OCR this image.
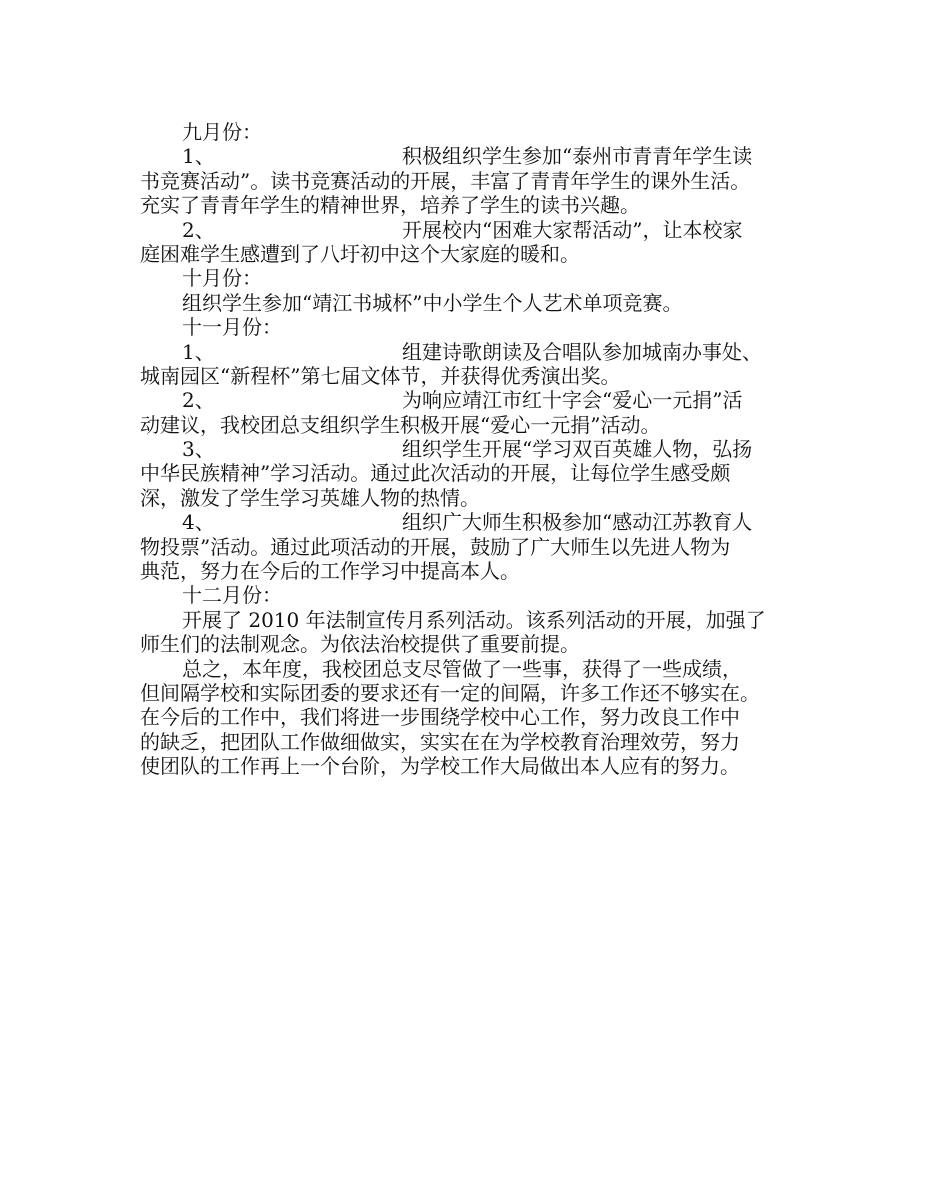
九月份：
1、	积极组织学生参加“泰州市青青年学生读
书竞赛活动”。读书竞赛活动的开展，丰富了青青年学生的课外生活。
充实了青青年学生的精神世界，培养了学生的读书兴趣。
2、	开展校内“困难大家帮活动”，让本校家
庭困难学生感遭到了八圩初中这个大家庭的暖和。
十月份：
组织学生参加“靖江书城杯”中小学生个人艺术单项竞赛。
十一月份：
1、	组建诗歌朗读及合唱队参加城南办事处、
城南园区“新程杯”第七届文体节，并获得优秀演出奖。
2、	为响应靖江市红十字会“爱心一元捐”活
动建议，我校团总支组织学生积极开展“爱心一元捐”活动。
3、	组织学生开展“学习双百英雄人物，弘扬
中华民族精神”学习活动。通过此次活动的开展，让每位学生感受颇
深，激发了学生学习英雄人物的热情。
4、	组织广大师生积极参加“感动江苏教育人
物投票”活动。通过此项活动的开展，鼓励了广大师生以先进人物为
典范，努力在今后的工作学习中提高本人。
十二月份：
开展了 2010 年法制宣传月系列活动。该系列活动的开展，加强了
师生们的法制观念。为依法治校提供了重要前提。
总之，本年度，我校团总支尽管做了一些事，获得了一些成绩，
但间隔学校和实际团委的要求还有一定的间隔，许多工作还不够实在。
在今后的工作中，我们将进一步围绕学校中心工作，努力改良工作中
的缺乏，把团队工作做细做实，实实在在为学校教育治理效劳，努力
使团队的工作再上一个台阶，为学校工作大局做出本人应有的努力。
